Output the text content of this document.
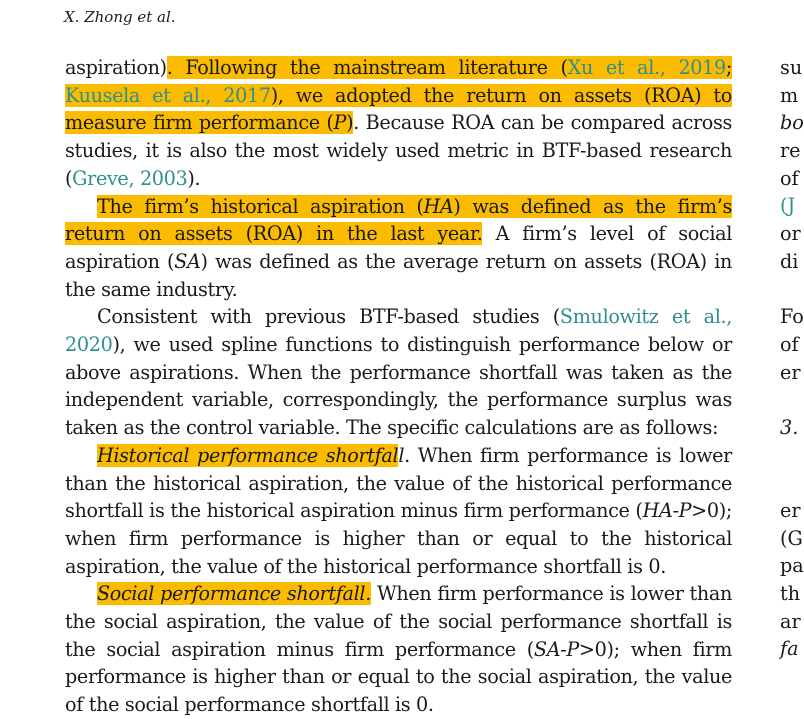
X. Zhong et al.

aspiration). Following the mainstream literature (Xu et al., 2019; Kuusela et al., 2017), we adopted the return on assets (ROA) to measure firm performance (P). Because ROA can be compared across studies, it is also the most widely used metric in BTF-based research (Greve, 2003).

The firm’s historical aspiration (HA) was defined as the firm’s return on assets (ROA) in the last year. A firm’s level of social aspiration (SA) was defined as the average return on assets (ROA) in the same industry.

Consistent with previous BTF-based studies (Smulowitz et al., 2020), we used spline functions to distinguish performance below or above aspirations. When the performance shortfall was taken as the independent variable, correspondingly, the performance surplus was taken as the control variable. The specific calculations are as follows:

Historical performance shortfall. When firm performance is lower than the historical aspiration, the value of the historical performance shortfall is the historical aspiration minus firm performance (HA-P>0); when firm performance is higher than or equal to the historical aspiration, the value of the historical performance shortfall is 0.

Social performance shortfall. When firm performance is lower than the social aspiration, the value of the social performance shortfall is the social aspiration minus firm performance (SA-P>0); when firm performance is higher than or equal to the social aspiration, the value of the social performance shortfall is 0.

su
m
bo
re
of
(J
or
di
Fo
of
er
3.
er
(G
pa
th
ar
fa
